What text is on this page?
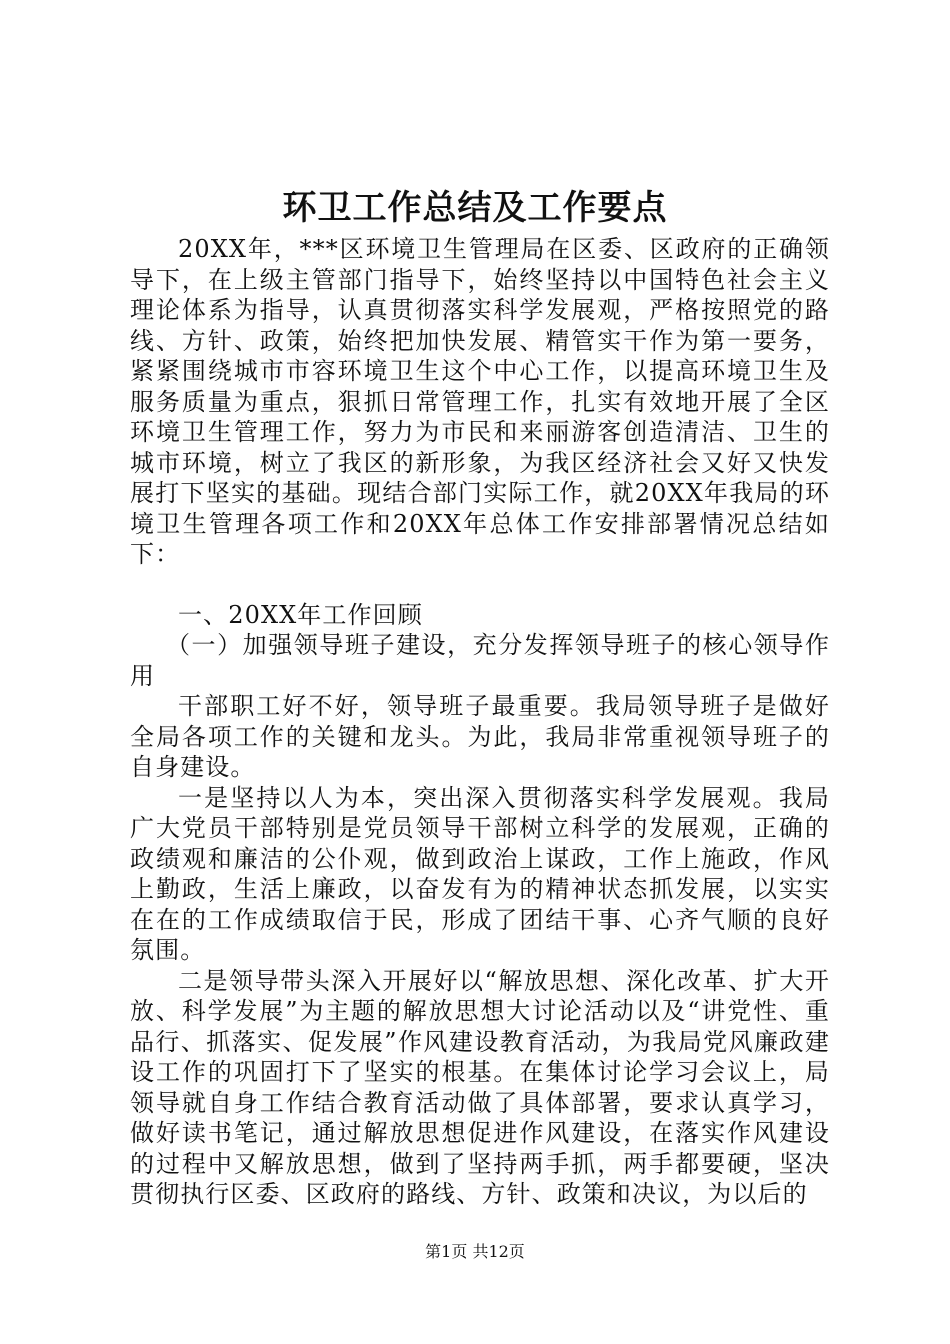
环卫工作总结及工作要点

20XX年，***区环境卫生管理局在区委、区政府的正确领导下，在上级主管部门指导下，始终坚持以中国特色社会主义理论体系为指导，认真贯彻落实科学发展观，严格按照党的路线、方针、政策，始终把加快发展、精管实干作为第一要务，紧紧围绕城市市容环境卫生这个中心工作，以提高环境卫生及服务质量为重点，狠抓日常管理工作，扎实有效地开展了全区环境卫生管理工作，努力为市民和来丽游客创造清洁、卫生的城市环境，树立了我区的新形象，为我区经济社会又好又快发展打下坚实的基础。现结合部门实际工作，就20XX年我局的环境卫生管理各项工作和20XX年总体工作安排部署情况总结如下：

一、20XX年工作回顾

（一）加强领导班子建设，充分发挥领导班子的核心领导作用

干部职工好不好，领导班子最重要。我局领导班子是做好全局各项工作的关键和龙头。为此，我局非常重视领导班子的自身建设。

一是坚持以人为本，突出深入贯彻落实科学发展观。我局广大党员干部特别是党员领导干部树立科学的发展观，正确的政绩观和廉洁的公仆观，做到政治上谋政，工作上施政，作风上勤政，生活上廉政，以奋发有为的精神状态抓发展，以实实在在的工作成绩取信于民，形成了团结干事、心齐气顺的良好氛围。

二是领导带头深入开展好以“解放思想、深化改革、扩大开放、科学发展”为主题的解放思想大讨论活动以及“讲党性、重品行、抓落实、促发展”作风建设教育活动，为我局党风廉政建设工作的巩固打下了坚实的根基。在集体讨论学习会议上，局领导就自身工作结合教育活动做了具体部署，要求认真学习，做好读书笔记，通过解放思想促进作风建设，在落实作风建设的过程中又解放思想，做到了坚持两手抓，两手都要硬，坚决贯彻执行区委、区政府的路线、方针、政策和决议，为以后的

第1页 共12页
